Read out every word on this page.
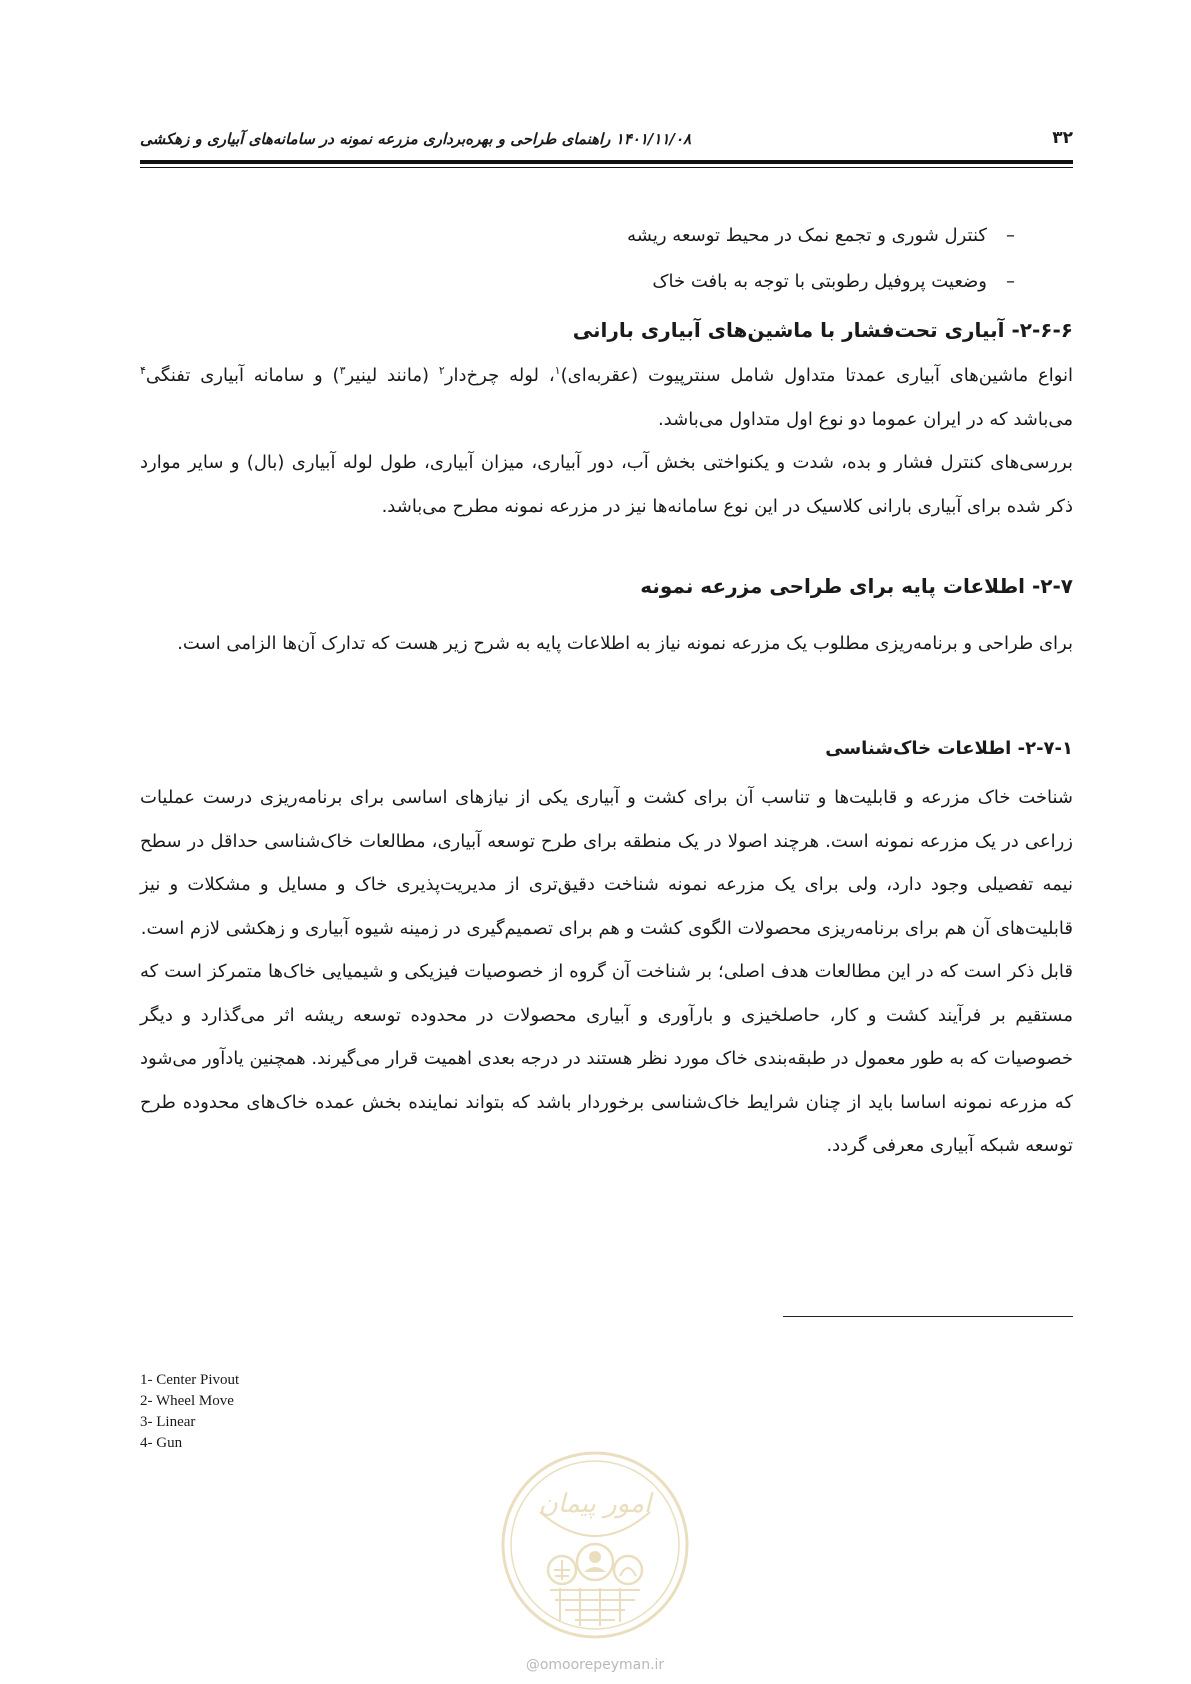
۱۴۰۱/۱۱/۰۸ راهنمای طراحی و بهره‌برداری مزرعه نمونه در سامانه‌های آبیاری و زهکشی	۳۲
–کنترل شوری و تجمع نمک در محیط توسعه ریشه
–وضعیت پروفیل رطوبتی با توجه به بافت خاک
۲-۶-۶- آبیاری تحت‌فشار با ماشین‌های آبیاری بارانی

انواع ماشین‌های آبیاری عمدتا متداول شامل سنترپیوت (عقربه‌ای)$^۱$، لوله چرخ‌دار$^۲$ (مانند لینیر$^۳$) و سامانه آبیاری تفنگی$^۴$ می‌باشد که در ایران عموما دو نوع اول متداول می‌باشد.

بررسی‌های کنترل فشار و بده، شدت و یکنواختی بخش آب، دور آبیاری، میزان آبیاری، طول لوله آبیاری (بال) و سایر موارد ذکر شده برای آبیاری بارانی کلاسیک در این نوع سامانه‌ها نیز در مزرعه نمونه مطرح می‌باشد.

۲-۷- اطلاعات پایه برای طراحی مزرعه نمونه

برای طراحی و برنامه‌ریزی مطلوب یک مزرعه نمونه نیاز به اطلاعات پایه به شرح زیر هست که تدارک آن‌ها الزامی است.

۲-۷-۱- اطلاعات خاک‌شناسی

شناخت خاک مزرعه و قابلیت‌ها و تناسب آن برای کشت و آبیاری یکی از نیازهای اساسی برای برنامه‌ریزی درست عملیات زراعی در یک مزرعه نمونه است. هرچند اصولا در یک منطقه برای طرح توسعه آبیاری، مطالعات خاک‌شناسی حداقل در سطح نیمه تفصیلی وجود دارد، ولی برای یک مزرعه نمونه شناخت دقیق‌تری از مدیریت‌پذیری خاک و مسایل و مشکلات و نیز قابلیت‌های آن هم برای برنامه‌ریزی محصولات الگوی کشت و هم برای تصمیم‌گیری در زمینه شیوه آبیاری و زهکشی لازم است.

قابل ذکر است که در این مطالعات هدف اصلی؛ بر شناخت آن گروه از خصوصیات فیزیکی و شیمیایی خاک‌ها متمرکز است که مستقیم بر فرآیند کشت و کار، حاصلخیزی و بارآوری و آبیاری محصولات در محدوده توسعه ریشه اثر می‌گذارد و دیگر خصوصیات که به طور معمول در طبقه‌بندی خاک مورد نظر هستند در درجه بعدی اهمیت قرار می‌گیرند. همچنین یادآور می‌شود که مزرعه نمونه اساسا باید از چنان شرایط خاک‌شناسی برخوردار باشد که بتواند نماینده بخش عمده خاک‌های محدوده طرح توسعه شبکه آبیاری معرفی گردد.

1- Center Pivout
2- Wheel Move
3- Linear
4- Gun
امور پیمان
@omoorepeyman.ir
